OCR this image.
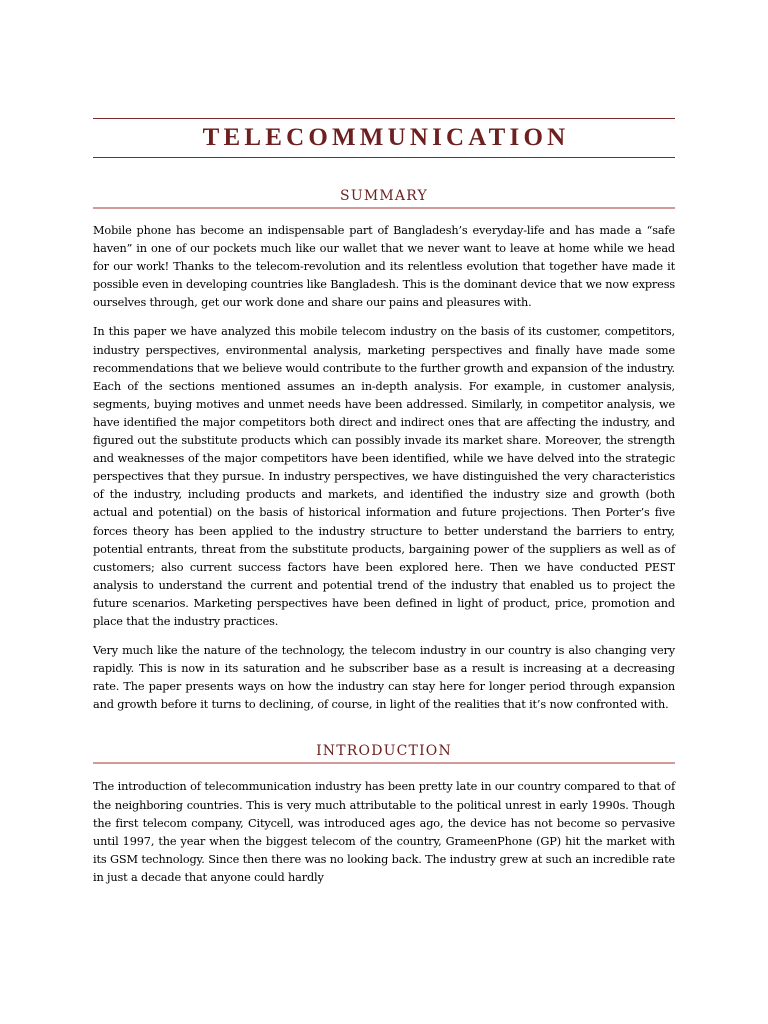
TELECOMMUNICATION
SUMMARY

Mobile phone has become an indispensable part of Bangladesh’s everyday-life and has made a “safe haven” in one of our pockets much like our wallet that we never want to leave at home while we head for our work! Thanks to the telecom-revolution and its relentless evolution that together have made it possible even in developing countries like Bangladesh. This is the dominant device that we now express ourselves through, get our work done and share our pains and pleasures with.

In this paper we have analyzed this mobile telecom industry on the basis of its customer, competitors, industry perspectives, environmental analysis, marketing perspectives and finally have made some recommendations that we believe would contribute to the further growth and expansion of the industry. Each of the sections mentioned assumes an in-depth analysis. For example, in customer analysis, segments, buying motives and unmet needs have been addressed. Similarly, in competitor analysis, we have identified the major competitors both direct and indirect ones that are affecting the industry, and figured out the substitute products which can possibly invade its market share. Moreover, the strength and weaknesses of the major competitors have been identified, while we have delved into the strategic perspectives that they pursue. In industry perspectives, we have distinguished the very characteristics of the industry, including products and markets, and identified the industry size and growth (both actual and potential) on the basis of historical information and future projections. Then Porter’s five forces theory has been applied to the industry structure to better understand the barriers to entry, potential entrants, threat from the substitute products, bargaining power of the suppliers as well as of customers; also current success factors have been explored here. Then we have conducted PEST analysis to understand the current and potential trend of the industry that enabled us to project the future scenarios. Marketing perspectives have been defined in light of product, price, promotion and place that the industry practices.

Very much like the nature of the technology, the telecom industry in our country is also changing very rapidly. This is now in its saturation and he subscriber base as a result is increasing at a decreasing rate. The paper presents ways on how the industry can stay here for longer period through expansion and growth before it turns to declining, of course, in light of the realities that it’s now confronted with.

INTRODUCTION

The introduction of telecommunication industry has been pretty late in our country compared to that of the neighboring countries. This is very much attributable to the political unrest in early 1990s. Though the first telecom company, Citycell, was introduced ages ago, the device has not become so pervasive until 1997, the year when the biggest telecom of the country, GrameenPhone (GP) hit the market with its GSM technology. Since then there was no looking back. The industry grew at such an incredible rate in just a decade that anyone could hardly
